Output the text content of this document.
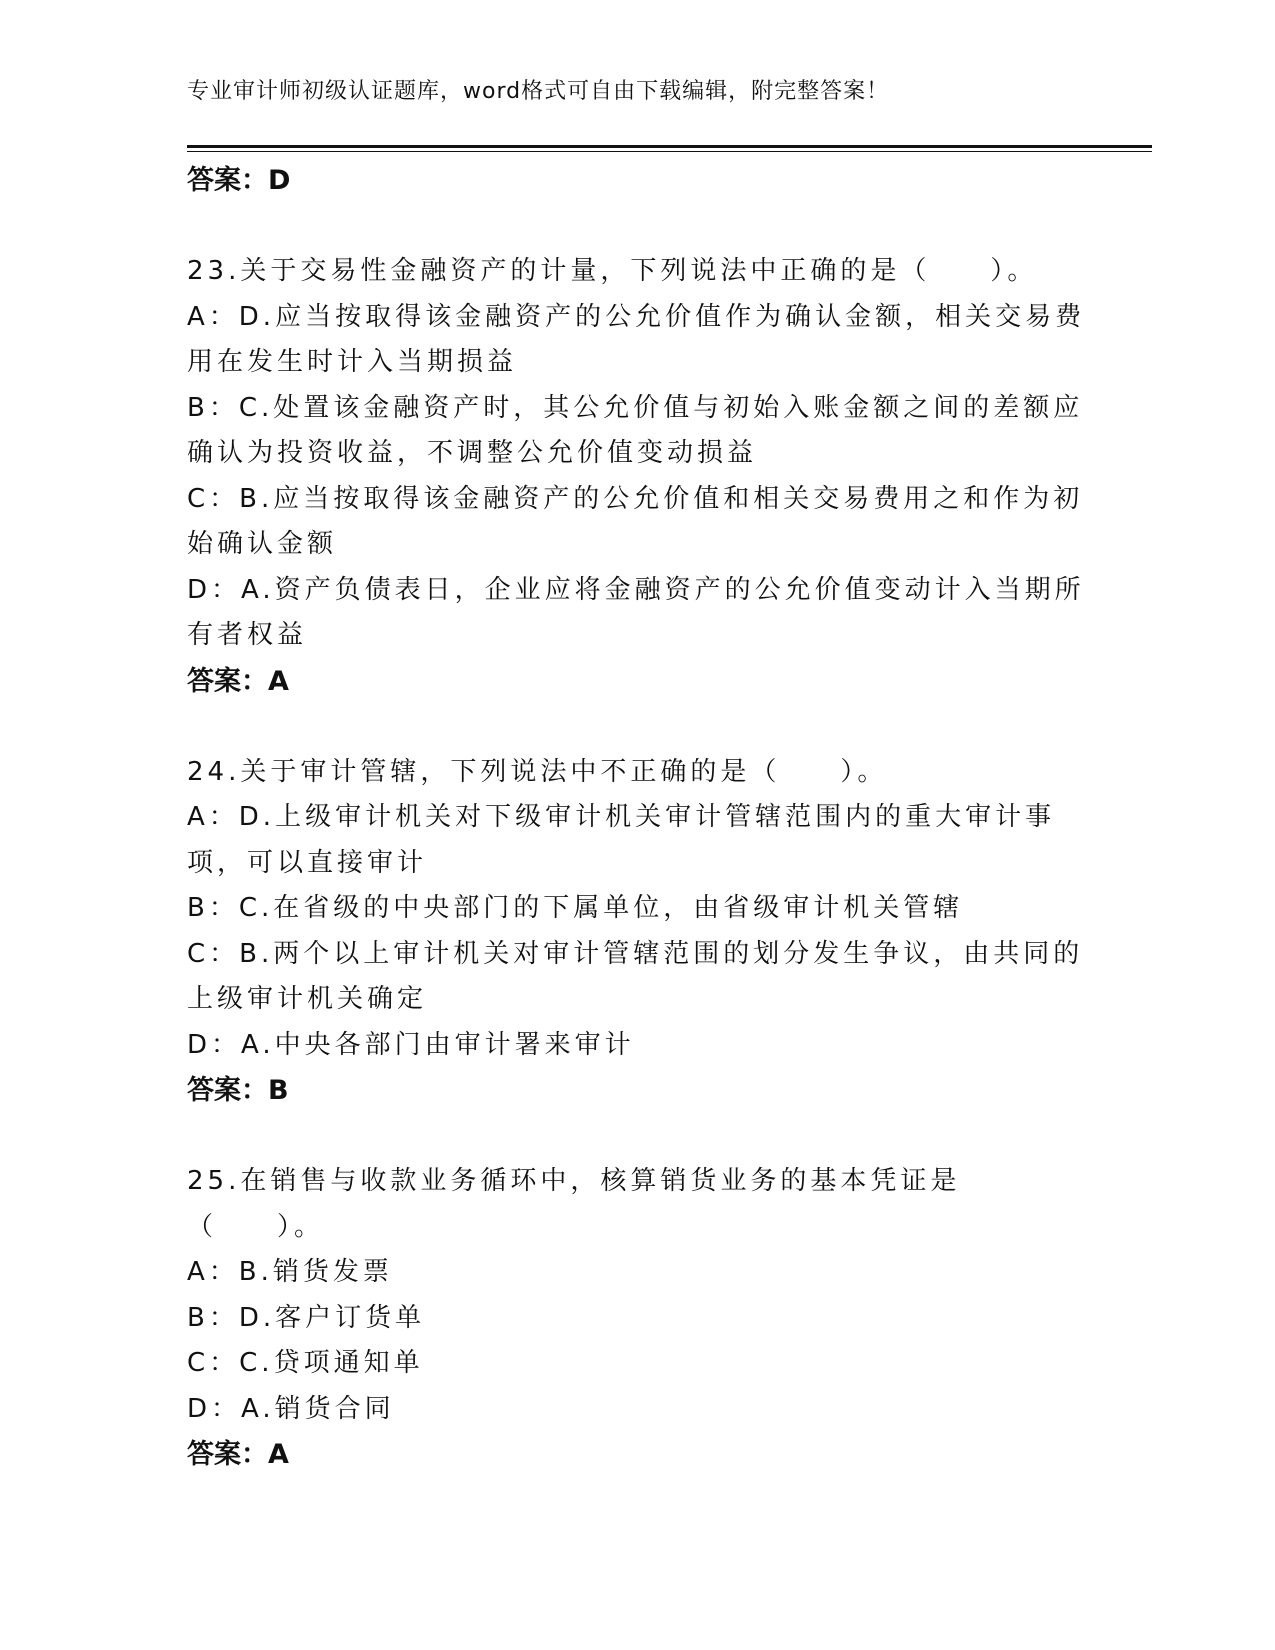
专业审计师初级认证题库，word格式可自由下载编辑，附完整答案！

答案：D

23.关于交易性金融资产的计量，下列说法中正确的是（　　）。

A：D.应当按取得该金融资产的公允价值作为确认金额，相关交易费用在发生时计入当期损益

B：C.处置该金融资产时，其公允价值与初始入账金额之间的差额应确认为投资收益，不调整公允价值变动损益

C：B.应当按取得该金融资产的公允价值和相关交易费用之和作为初始确认金额

D：A.资产负债表日，企业应将金融资产的公允价值变动计入当期所有者权益

答案：A

24.关于审计管辖，下列说法中不正确的是（　　）。

A：D.上级审计机关对下级审计机关审计管辖范围内的重大审计事项，可以直接审计

B：C.在省级的中央部门的下属单位，由省级审计机关管辖

C：B.两个以上审计机关对审计管辖范围的划分发生争议，由共同的上级审计机关确定

D：A.中央各部门由审计署来审计

答案：B

25.在销售与收款业务循环中，核算销货业务的基本凭证是（　　）。

A：B.销货发票

B：D.客户订货单

C：C.贷项通知单

D：A.销货合同

答案：A
